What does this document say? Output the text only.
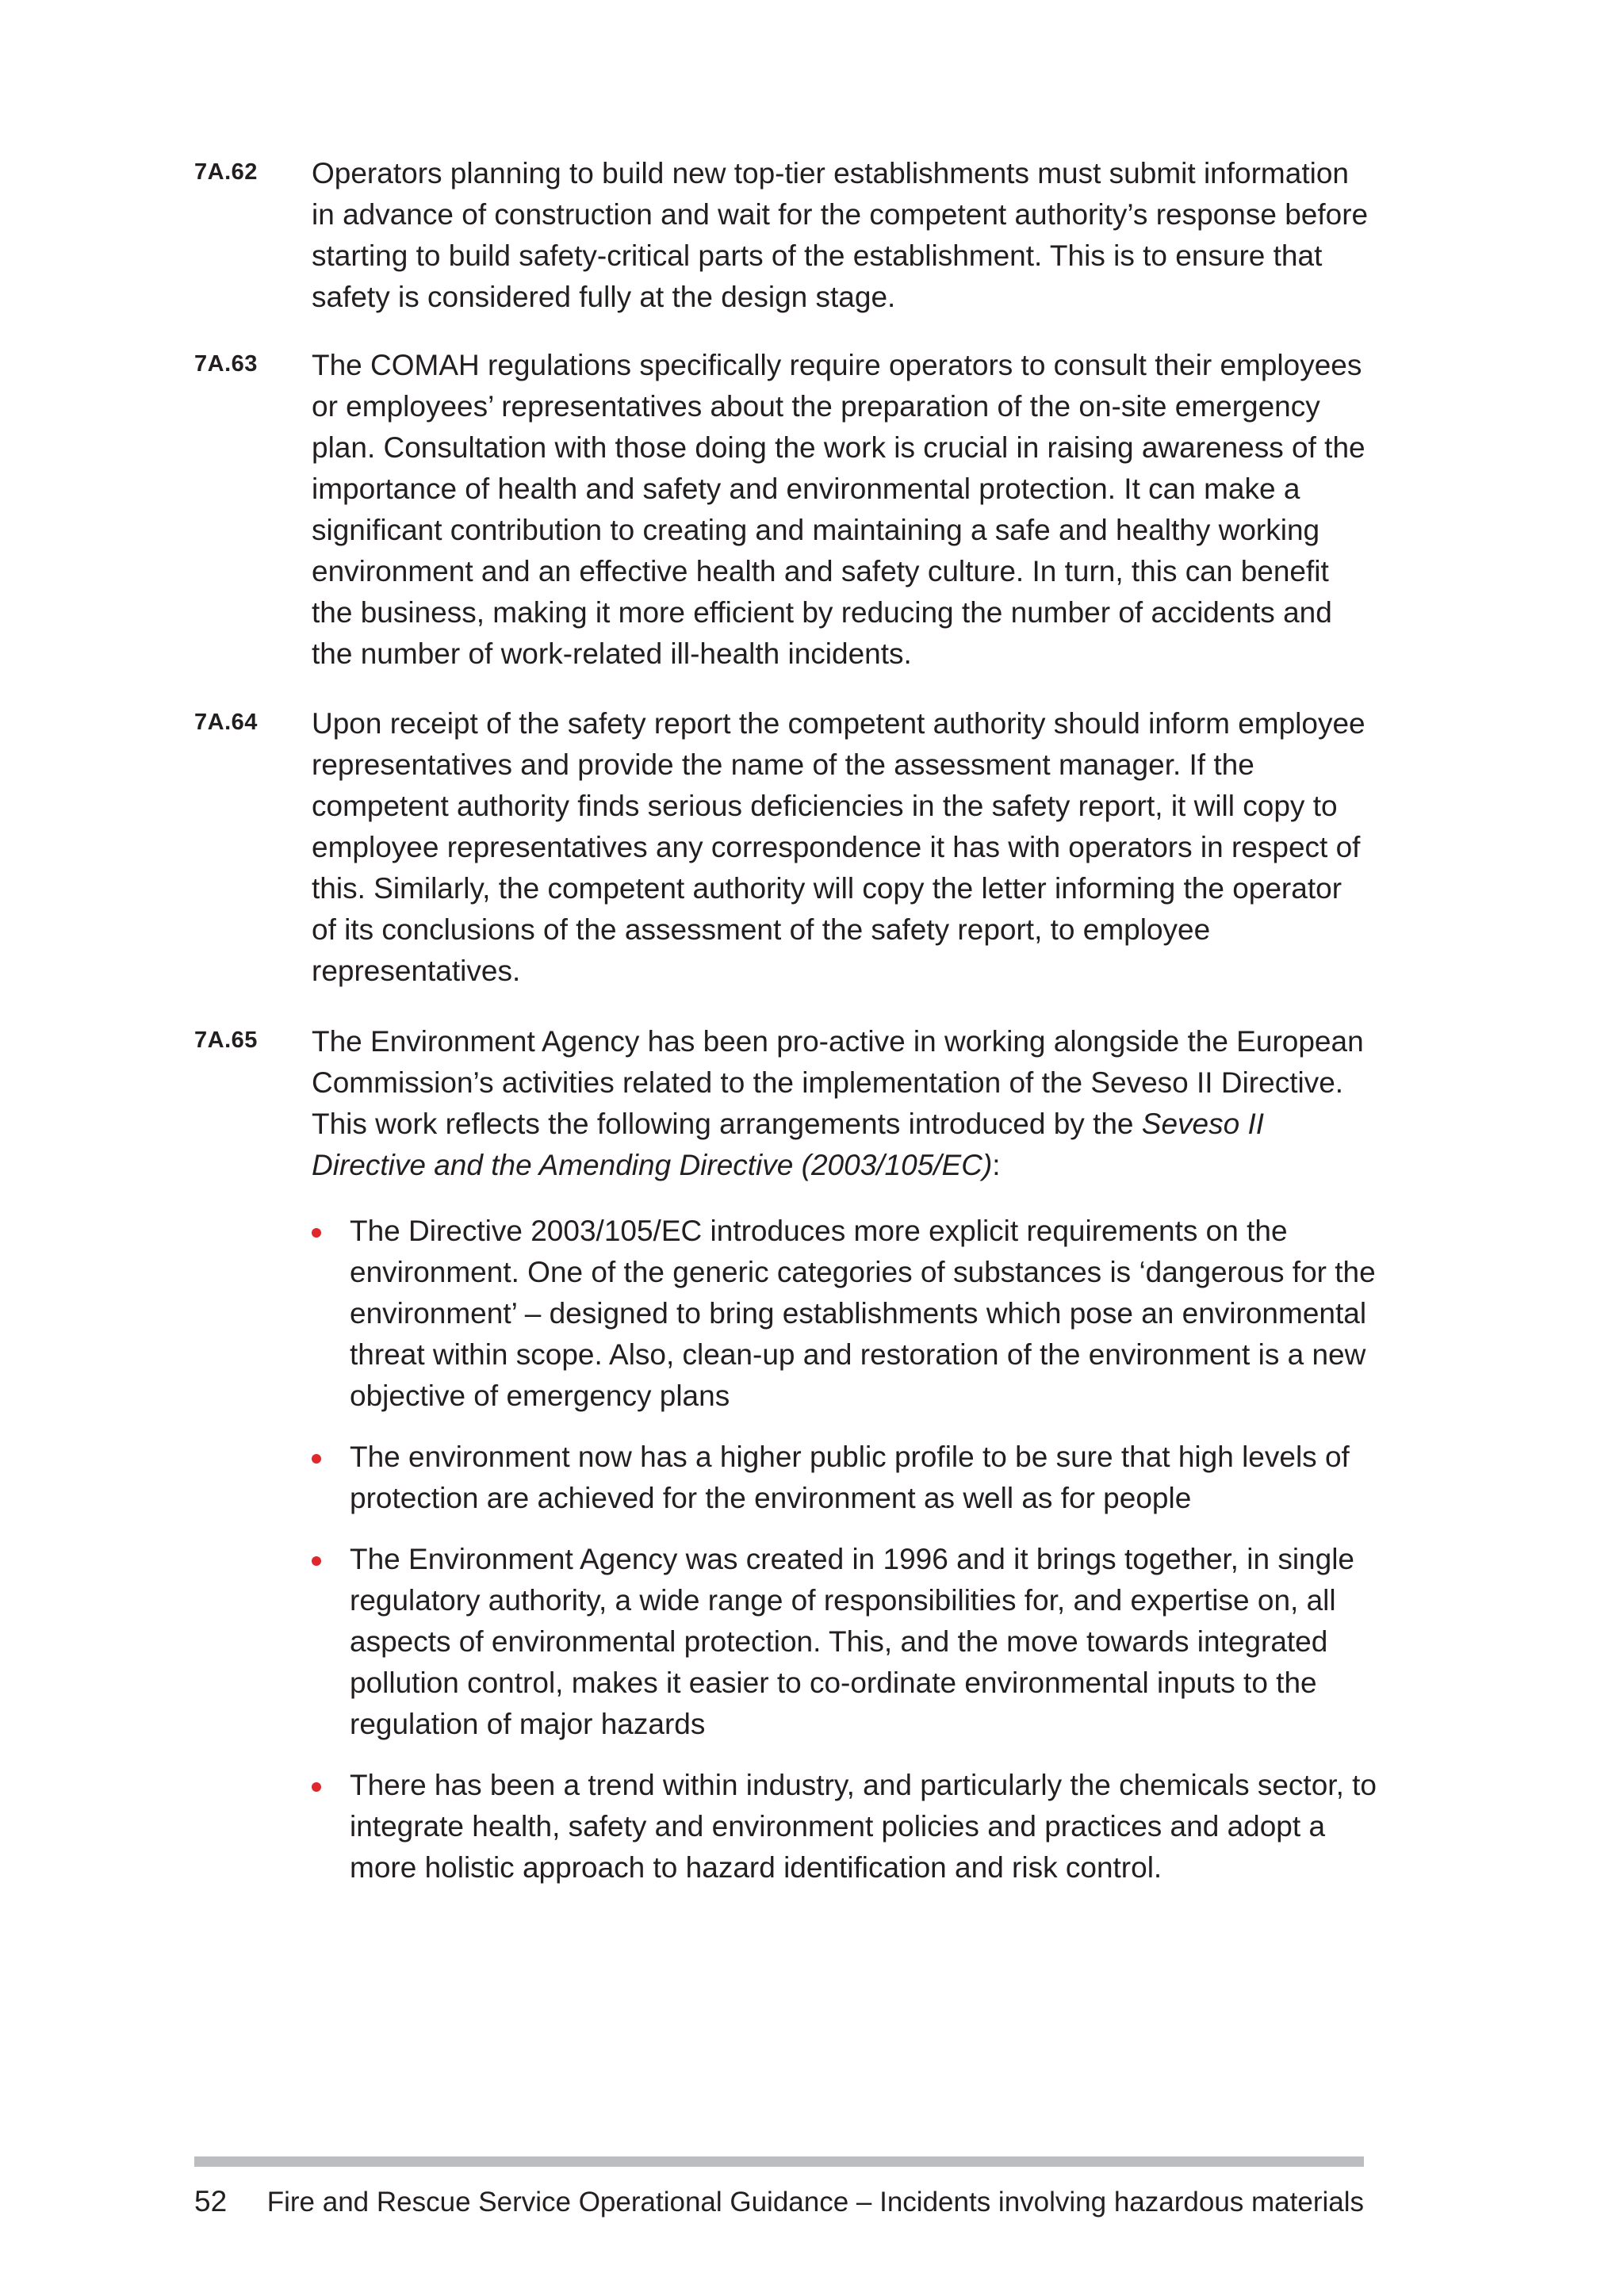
7A.62 Operators planning to build new top-tier establishments must submit information in advance of construction and wait for the competent authority’s response before starting to build safety-critical parts of the establishment. This is to ensure that safety is considered fully at the design stage.
7A.63 The COMAH regulations specifically require operators to consult their employees or employees’ representatives about the preparation of the on-site emergency plan. Consultation with those doing the work is crucial in raising awareness of the importance of health and safety and environmental protection. It can make a significant contribution to creating and maintaining a safe and healthy working environment and an effective health and safety culture. In turn, this can benefit the business, making it more efficient by reducing the number of accidents and the number of work-related ill-health incidents.
7A.64 Upon receipt of the safety report the competent authority should inform employee representatives and provide the name of the assessment manager. If the competent authority finds serious deficiencies in the safety report, it will copy to employee representatives any correspondence it has with operators in respect of this. Similarly, the competent authority will copy the letter informing the operator of its conclusions of the assessment of the safety report, to employee representatives.
7A.65 The Environment Agency has been pro-active in working alongside the European Commission’s activities related to the implementation of the Seveso II Directive. This work reflects the following arrangements introduced by the Seveso II Directive and the Amending Directive (2003/105/EC):
The Directive 2003/105/EC introduces more explicit requirements on the environment. One of the generic categories of substances is ‘dangerous for the environment’ – designed to bring establishments which pose an environmental threat within scope. Also, clean-up and restoration of the environment is a new objective of emergency plans
The environment now has a higher public profile to be sure that high levels of protection are achieved for the environment as well as for people
The Environment Agency was created in 1996 and it brings together, in single regulatory authority, a wide range of responsibilities for, and expertise on, all aspects of environmental protection. This, and the move towards integrated pollution control, makes it easier to co-ordinate environmental inputs to the regulation of major hazards
There has been a trend within industry, and particularly the chemicals sector, to integrate health, safety and environment policies and practices and adopt a more holistic approach to hazard identification and risk control.
52 Fire and Rescue Service Operational Guidance – Incidents involving hazardous materials
